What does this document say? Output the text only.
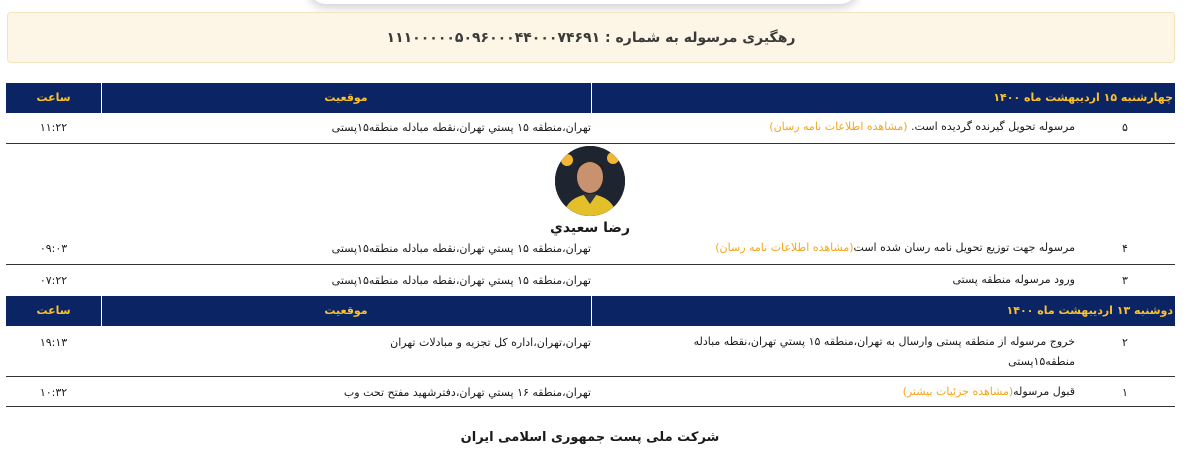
رهگیری مرسوله به شماره : ۱۱۱۰۰۰۰۰۵۰۹۶۰۰۰۴۴۰۰۰۷۴۶۹۱
چهارشنبه ۱۵ ارديبهشت ماه ۱۴۰۰
موقعيت
ساعت
۵
مرسوله تحويل گيرنده گرديده است. (مشاهده اطلاعات نامه رسان)
تهران،منطقه ۱۵ پستي تهران،نقطه مبادله منطقه۱۵پستی
۱۱:۲۲
رضا سعيدي
۴
مرسوله جهت توزيع تحويل نامه رسان شده است(مشاهده اطلاعات نامه رسان)
تهران،منطقه ۱۵ پستي تهران،نقطه مبادله منطقه۱۵پستی
۰۹:۰۳
۳
ورود مرسوله منطقه پستی
تهران،منطقه ۱۵ پستي تهران،نقطه مبادله منطقه۱۵پستی
۰۷:۲۲
دوشنبه ۱۳ ارديبهشت ماه ۱۴۰۰
موقعيت
ساعت
۲
خروج مرسوله از منطقه پستی وارسال به تهران،منطقه ۱۵ پستي تهران،نقطه مبادله منطقه۱۵پستی
تهران،تهران،اداره کل تجزيه و مبادلات تهران
۱۹:۱۳
۱
قبول مرسوله(مشاهده جزئيات بيشتر)
تهران،منطقه ۱۶ پستي تهران،دفترشهيد مفتح تحت وب
۱۰:۳۲
شرکت ملی پست جمهوری اسلامی ايران
